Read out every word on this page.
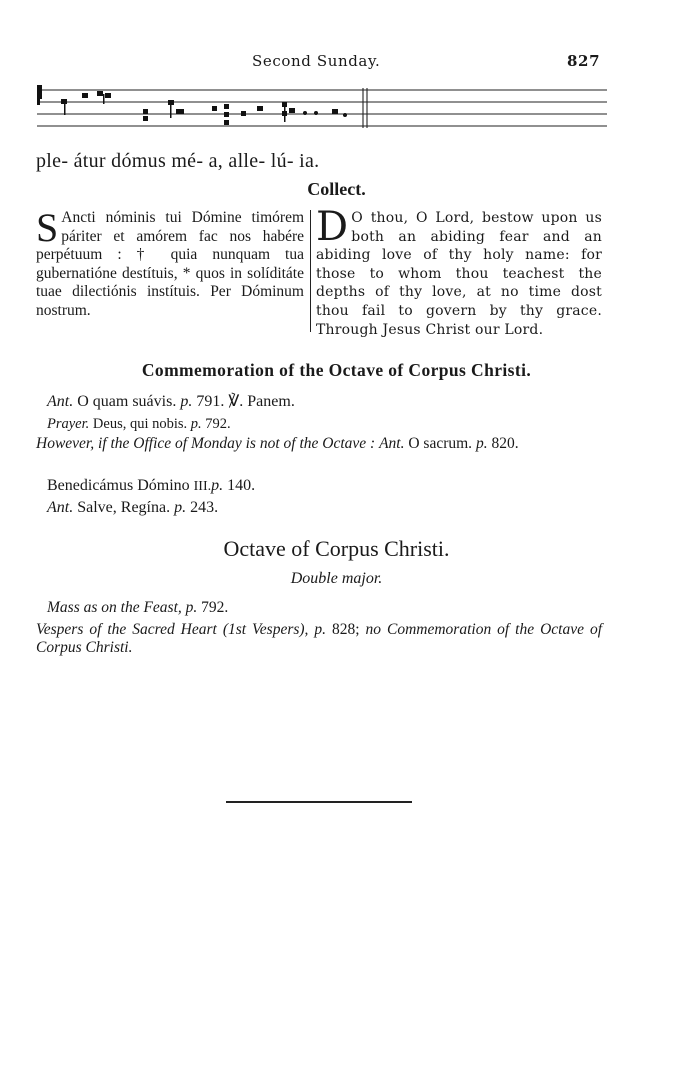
Second Sunday.	827
ple- átur dómus mé- a, alle- lú- ia.
Collect.
S Ancti nóminis tui Dómine timórem páriter et amórem fac nos habére perpétuum : † quia nunquam tua gubernatióne destítuis, * quos in solíditáte tuae dilectiónis instítuis. Per Dóminum nostrum.
D O thou, O Lord, bestow upon us both an abiding fear and an abiding love of thy holy name: for those to whom thou teachest the depths of thy love, at no time dost thou fail to govern by thy grace. Through Jesus Christ our Lord.
Commemoration of the Octave of Corpus Christi.
Ant. O quam suávis. p. 791. ℣. Panem.
Prayer. Deus, qui nobis. p. 792.
However, if the Office of Monday is not of the Octave : Ant. O sacrum. p. 820.
Benedicámus Dómino III.p. 140.
Ant. Salve, Regína. p. 243.
Octave of Corpus Christi.
Double major.
Mass as on the Feast, p. 792.
Vespers of the Sacred Heart (1st Vespers), p. 828; no Commemoration of the Octave of Corpus Christi.
